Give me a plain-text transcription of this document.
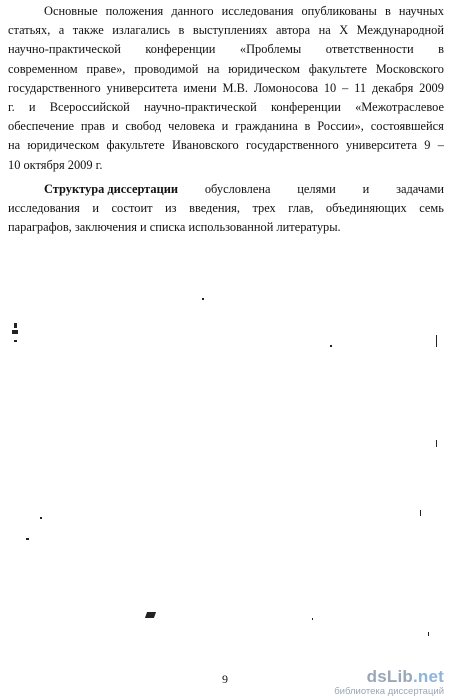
Основные положения данного исследования опубликованы в научных
статьях, а также излагались в выступлениях автора на X Международной
научно-практической конференции «Проблемы ответственности в
современном праве», проводимой на юридическом факультете Московского
государственного университета имени М.В. Ломоносова 10 – 11 декабря 2009
г. и Всероссийской научно-практической конференции «Межотраслевое
обеспечение прав и свобод человека и гражданина в России», состоявшейся
на юридическом факультете Ивановского государственного университета 9 –
10 октября 2009 г.
Структура диссертации обусловлена целями и задачами
исследования и состоит из введения, трех глав, объединяющих семь
параграфов, заключения и списка использованной литературы.
9	dsLib.net
библиотека диссертаций
